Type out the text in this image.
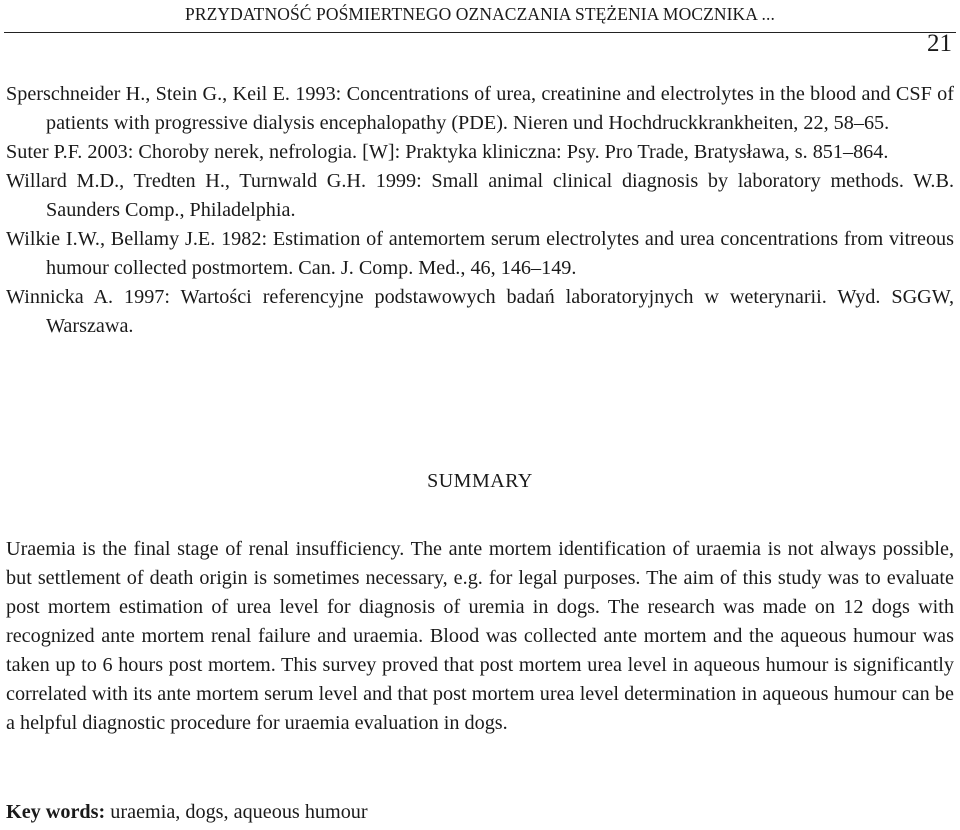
PRZYDATNOŚĆ POŚMIERTNEGO OZNACZANIA STĘŻENIA MOCZNIKA ...
21
Sperschneider H., Stein G., Keil E. 1993: Concentrations of urea, creatinine and electrolytes in the blood and CSF of patients with progressive dialysis encephalopathy (PDE). Nieren und Hochdruckkrankheiten, 22, 58–65.
Suter P.F. 2003: Choroby nerek, nefrologia. [W]: Praktyka kliniczna: Psy. Pro Trade, Bratysława, s. 851–864.
Willard M.D., Tredten H., Turnwald G.H. 1999: Small animal clinical diagnosis by laboratory methods. W.B. Saunders Comp., Philadelphia.
Wilkie I.W., Bellamy J.E. 1982: Estimation of antemortem serum electrolytes and urea concentrations from vitreous humour collected postmortem. Can. J. Comp. Med., 46, 146–149.
Winnicka A. 1997: Wartości referencyjne podstawowych badań laboratoryjnych w weterynarii. Wyd. SGGW, Warszawa.
SUMMARY
Uraemia is the final stage of renal insufficiency. The ante mortem identification of uraemia is not always possible, but settlement of death origin is sometimes necessary, e.g. for legal purposes. The aim of this study was to evaluate post mortem estimation of urea level for diagnosis of uremia in dogs. The research was made on 12 dogs with recognized ante mortem renal failure and uraemia. Blood was collected ante mortem and the aqueous humour was taken up to 6 hours post mortem. This survey proved that post mortem urea level in aqueous humour is significantly correlated with its ante mortem serum level and that post mortem urea level determination in aqueous humour can be a helpful diagnostic procedure for uraemia evaluation in dogs.
Key words: uraemia, dogs, aqueous humour
